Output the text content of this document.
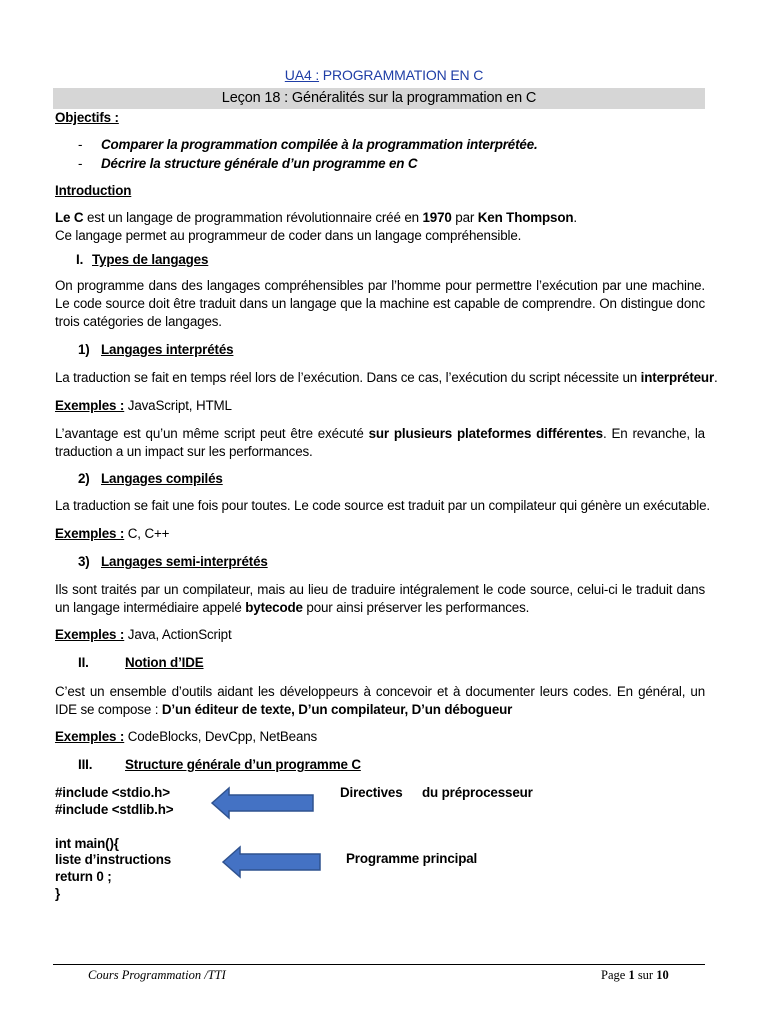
UA4 : PROGRAMMATION EN C
Leçon 18 : Généralités sur la programmation en C
Objectifs :
- Comparer la programmation compilée à la programmation interprétée.
- Décrire la structure générale d’un programme en C
Introduction
Le C est un langage de programmation révolutionnaire créé en 1970 par Ken Thompson.
Ce langage permet au programmeur de coder dans un langage compréhensible.
I. Types de langages
On programme dans des langages compréhensibles par l’homme pour permettre l’exécution par une machine. Le code source doit être traduit dans un langage que la machine est capable de comprendre. On distingue donc trois catégories de langages.
1) Langages interprétés
La traduction se fait en temps réel lors de l’exécution. Dans ce cas, l’exécution du script nécessite un interpréteur.
Exemples : JavaScript, HTML
L’avantage est qu’un même script peut être exécuté sur plusieurs plateformes différentes. En revanche, la traduction a un impact sur les performances.
2) Langages compilés
La traduction se fait une fois pour toutes. Le code source est traduit par un compilateur qui génère un exécutable.
Exemples : C, C++
3) Langages semi-interprétés
Ils sont traités par un compilateur, mais au lieu de traduire intégralement le code source, celui-ci le traduit dans un langage intermédiaire appelé bytecode pour ainsi préserver les performances.
Exemples : Java, ActionScript
II.	Notion d’IDE
C’est un ensemble d’outils aidant les développeurs à concevoir et à documenter leurs codes. En général, un IDE se compose : D’un éditeur de texte, D’un compilateur, D’un débogueur
Exemples : CodeBlocks, DevCpp, NetBeans
III. Structure générale d’un programme C
#include <stdio.h>
#include <stdlib.h>
int main(){
liste d’instructions
return 0 ;
}
Directives du préprocesseur
Programme principal
Cours Programmation /TTI	Page 1 sur 10
